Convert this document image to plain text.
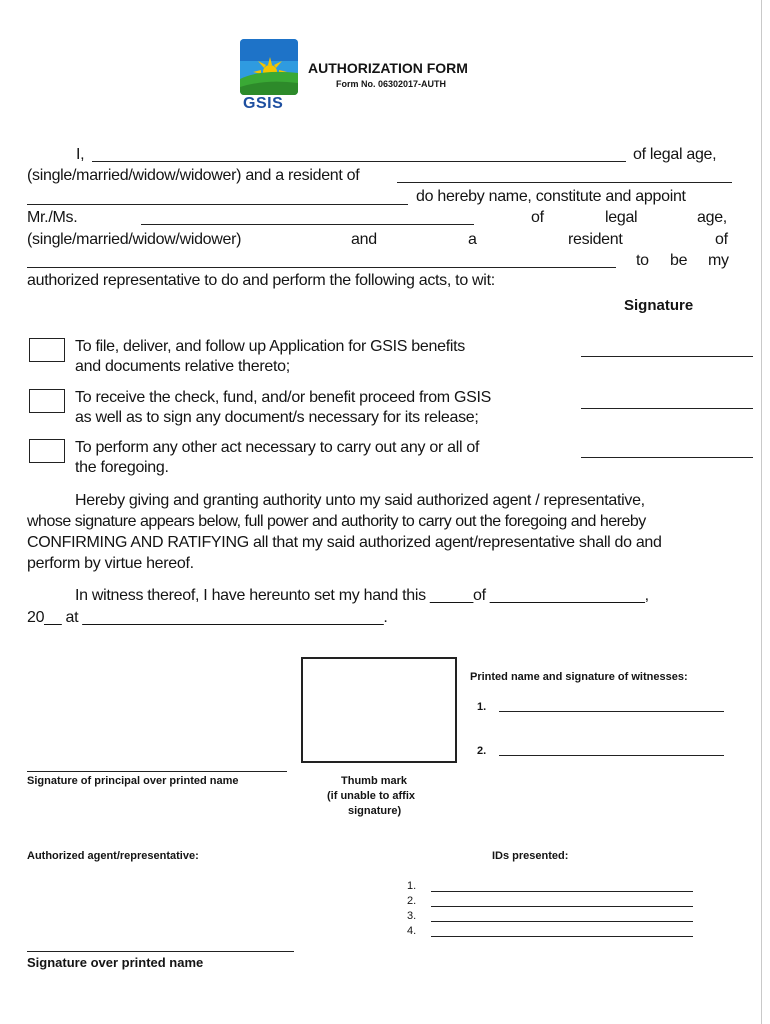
GSIS
AUTHORIZATION FORM
Form No. 06302017-AUTH
I,	of legal age,
(single/married/widow/widower) and a resident of
do hereby name, constitute and appoint
Mr./Ms.	of	legal	age,
(single/married/widow/widower)	and	a	resident	of
to be my
authorized representative to do and perform the following acts, to wit:
Signature
To file, deliver, and follow up Application for GSIS benefits
and documents relative thereto;
To receive the check, fund, and/or benefit proceed from GSIS
as well as to sign any document/s necessary for its release;
To perform any other act necessary to carry out any or all of
the foregoing.
Hereby giving and granting authority unto my said authorized agent / representative,
whose signature appears below, full power and authority to carry out the foregoing and hereby
CONFIRMING AND RATIFYING all that my said authorized agent/representative shall do and
perform by virtue hereof.
In witness thereof, I have hereunto set my hand this _____of __________________,
20__ at ___________________________________.
Signature of principal over printed name	Thumb mark
(if unable to affix
signature)
Printed name and signature of witnesses:
1.
2.
Authorized agent/representative:	IDs presented:
1.
2.
3.
4.
Signature over printed name
